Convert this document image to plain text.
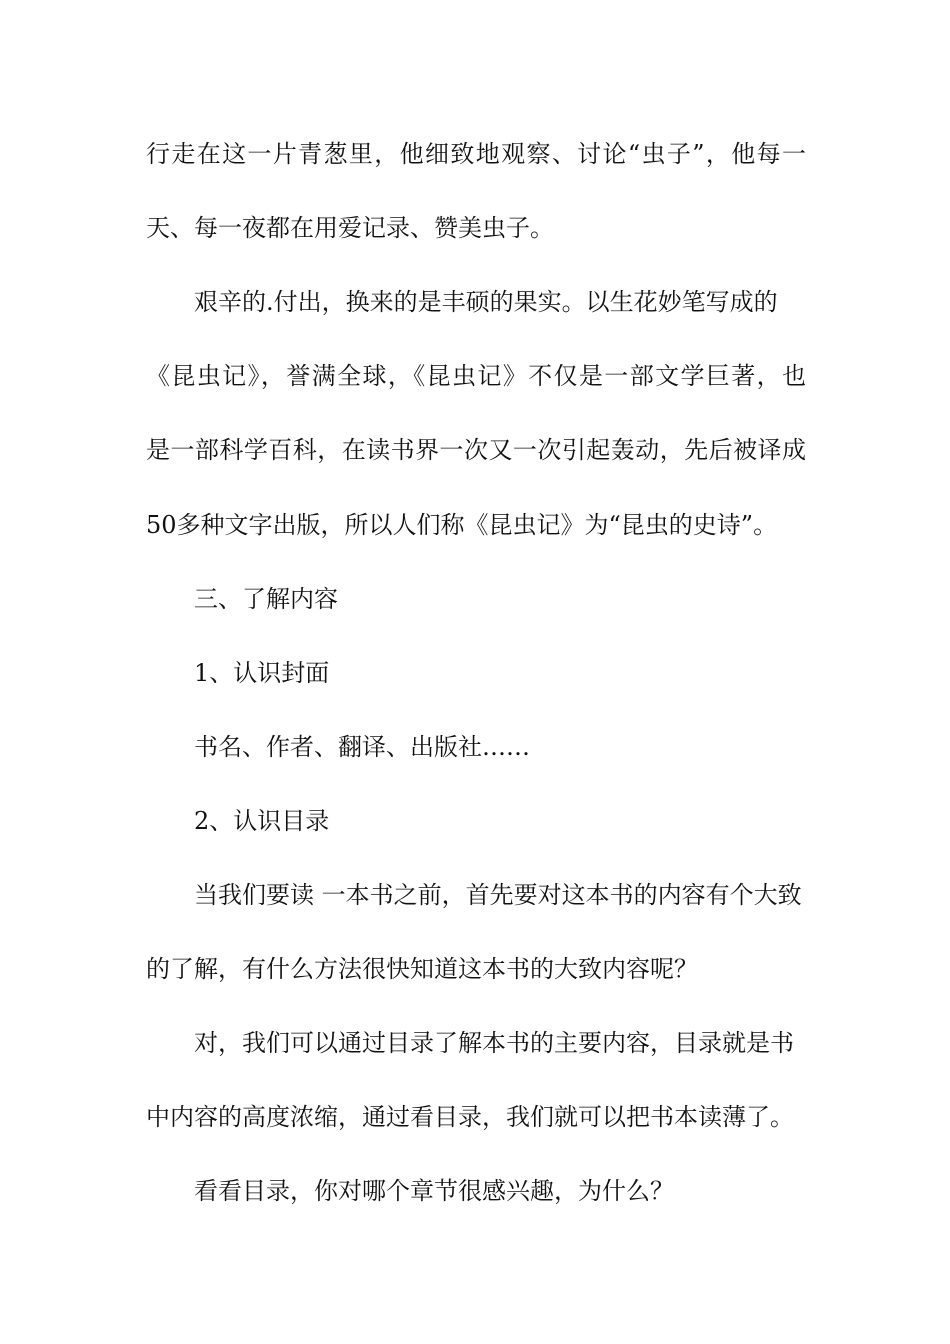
行走在这一片青葱里，他细致地观察、讨论“虫子”，他每一
天、每一夜都在用爱记录、赞美虫子。
艰辛的.付出，换来的是丰硕的果实。以生花妙笔写成的
《昆虫记》，誉满全球，《昆虫记》不仅是一部文学巨著，也
是一部科学百科，在读书界一次又一次引起轰动，先后被译成
50多种文字出版，所以人们称《昆虫记》为“昆虫的史诗”。
三、了解内容
1、认识封面
书名、作者、翻译、出版社……
2、认识目录
当我们要读 一本书之前，首先要对这本书的内容有个大致
的了解，有什么方法很快知道这本书的大致内容呢？
对，我们可以通过目录了解本书的主要内容，目录就是书
中内容的高度浓缩，通过看目录，我们就可以把书本读薄了。
看看目录，你对哪个章节很感兴趣，为什么？
